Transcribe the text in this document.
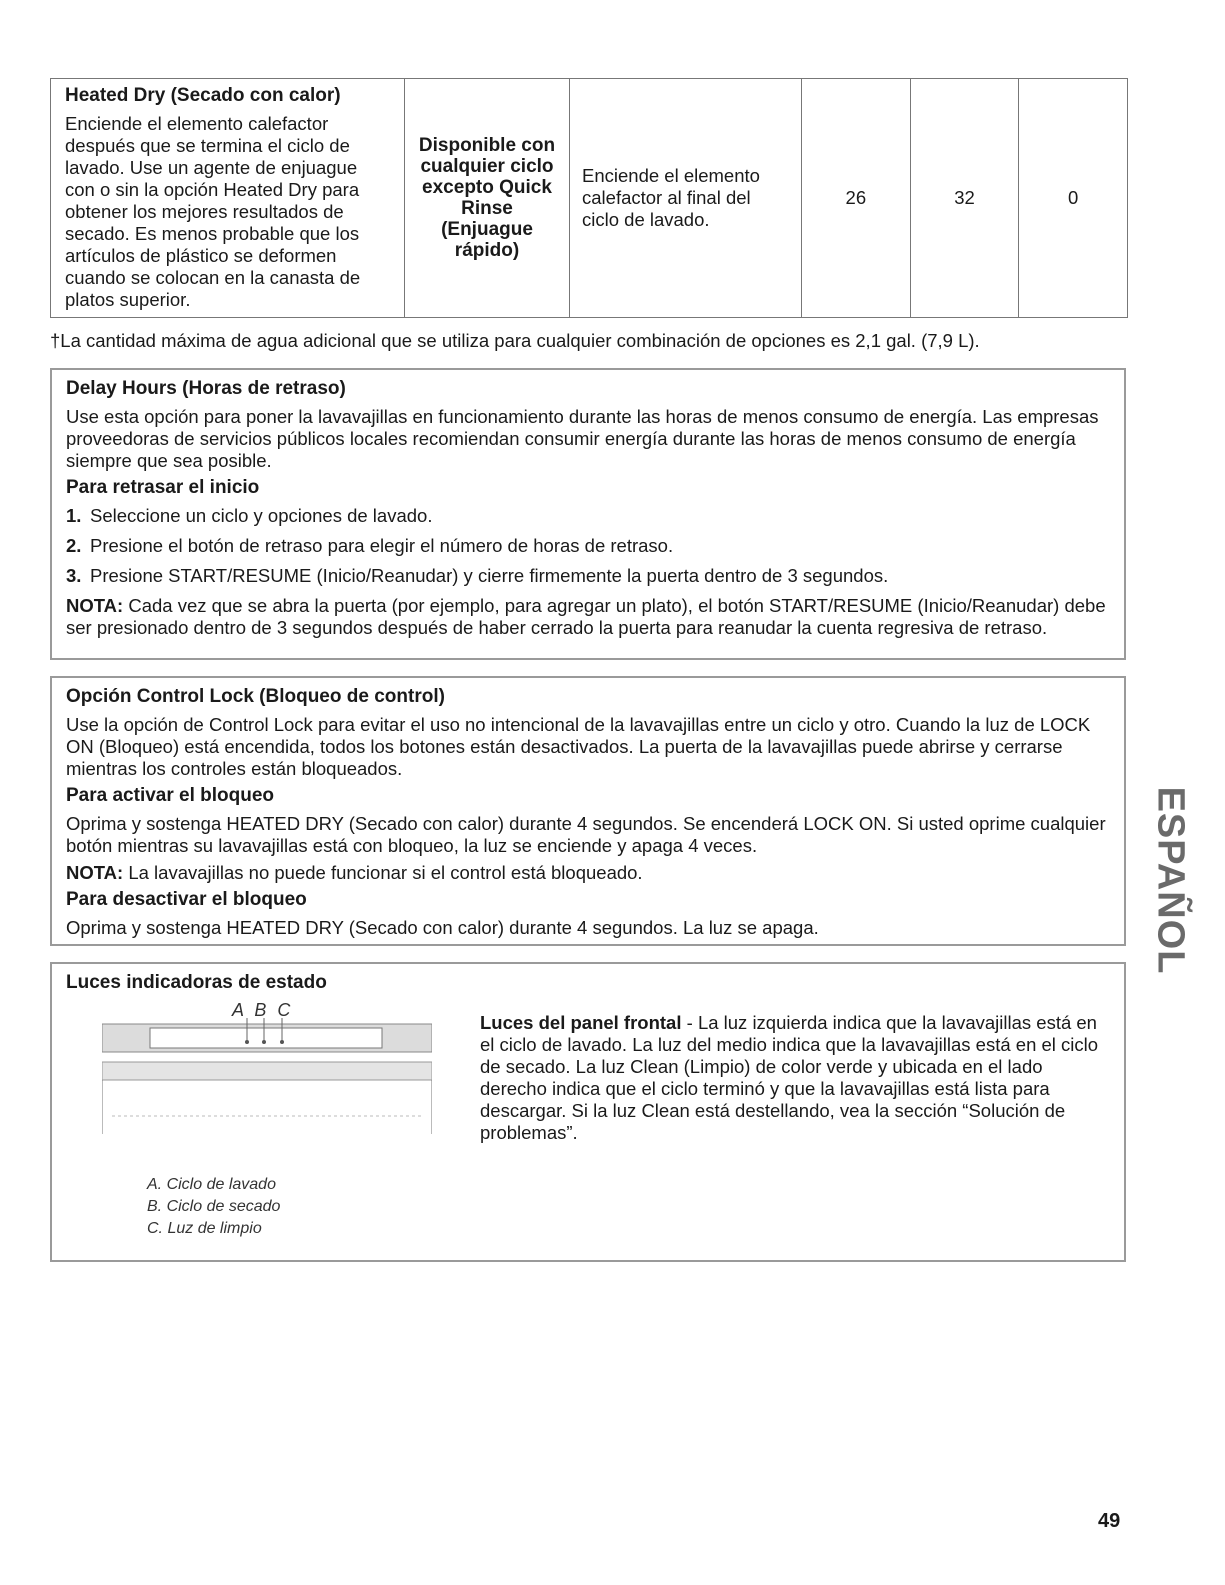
Heated Dry (Secado con calor)
Enciende el elemento calefactor después que se termina el ciclo de lavado. Use un agente de enjuague con o sin la opción Heated Dry para obtener los mejores resultados de secado. Es menos probable que los artículos de plástico se deformen cuando se colocan en la canasta de platos superior.	Disponible con cualquier ciclo excepto Quick Rinse (Enjuague rápido)	Enciende el elemento calefactor al final del ciclo de lavado.	26	32	0
†La cantidad máxima de agua adicional que se utiliza para cualquier combinación de opciones es 2,1 gal. (7,9 L).
Delay Hours (Horas de retraso)

Use esta opción para poner la lavavajillas en funcionamiento durante las horas de menos consumo de energía. Las empresas proveedoras de servicios públicos locales recomiendan consumir energía durante las horas de menos consumo de energía siempre que sea posible.

Para retrasar el inicio
1. Seleccione un ciclo y opciones de lavado.
2. Presione el botón de retraso para elegir el número de horas de retraso.
3. Presione START/RESUME (Inicio/Reanudar) y cierre firmemente la puerta dentro de 3 segundos.

NOTA: Cada vez que se abra la puerta (por ejemplo, para agregar un plato), el botón START/RESUME (Inicio/Reanudar) debe ser presionado dentro de 3 segundos después de haber cerrado la puerta para reanudar la cuenta regresiva de retraso.

Opción Control Lock (Bloqueo de control)

Use la opción de Control Lock para evitar el uso no intencional de la lavavajillas entre un ciclo y otro. Cuando la luz de LOCK ON (Bloqueo) está encendida, todos los botones están desactivados. La puerta de la lavavajillas puede abrirse y cerrarse mientras los controles están bloqueados.

Para activar el bloqueo

Oprima y sostenga HEATED DRY (Secado con calor) durante 4 segundos. Se encenderá LOCK ON. Si usted oprime cualquier botón mientras su lavavajillas está con bloqueo, la luz se enciende y apaga 4 veces.

NOTA: La lavavajillas no puede funcionar si el control está bloqueado.

Para desactivar el bloqueo

Oprima y sostenga HEATED DRY (Secado con calor) durante 4 segundos. La luz se apaga.

Luces indicadoras de estado
A B C
A. Ciclo de lavado
B. Ciclo de secado
C. Luz de limpio
Luces del panel frontal - La luz izquierda indica que la lavavajillas está en el ciclo de lavado. La luz del medio indica que la lavavajillas está en el ciclo de secado. La luz Clean (Limpio) de color verde y ubicada en el lado derecho indica que el ciclo terminó y que la lavavajillas está lista para descargar. Si la luz Clean está destellando, vea la sección “Solución de problemas”.
ESPAÑOL
49
